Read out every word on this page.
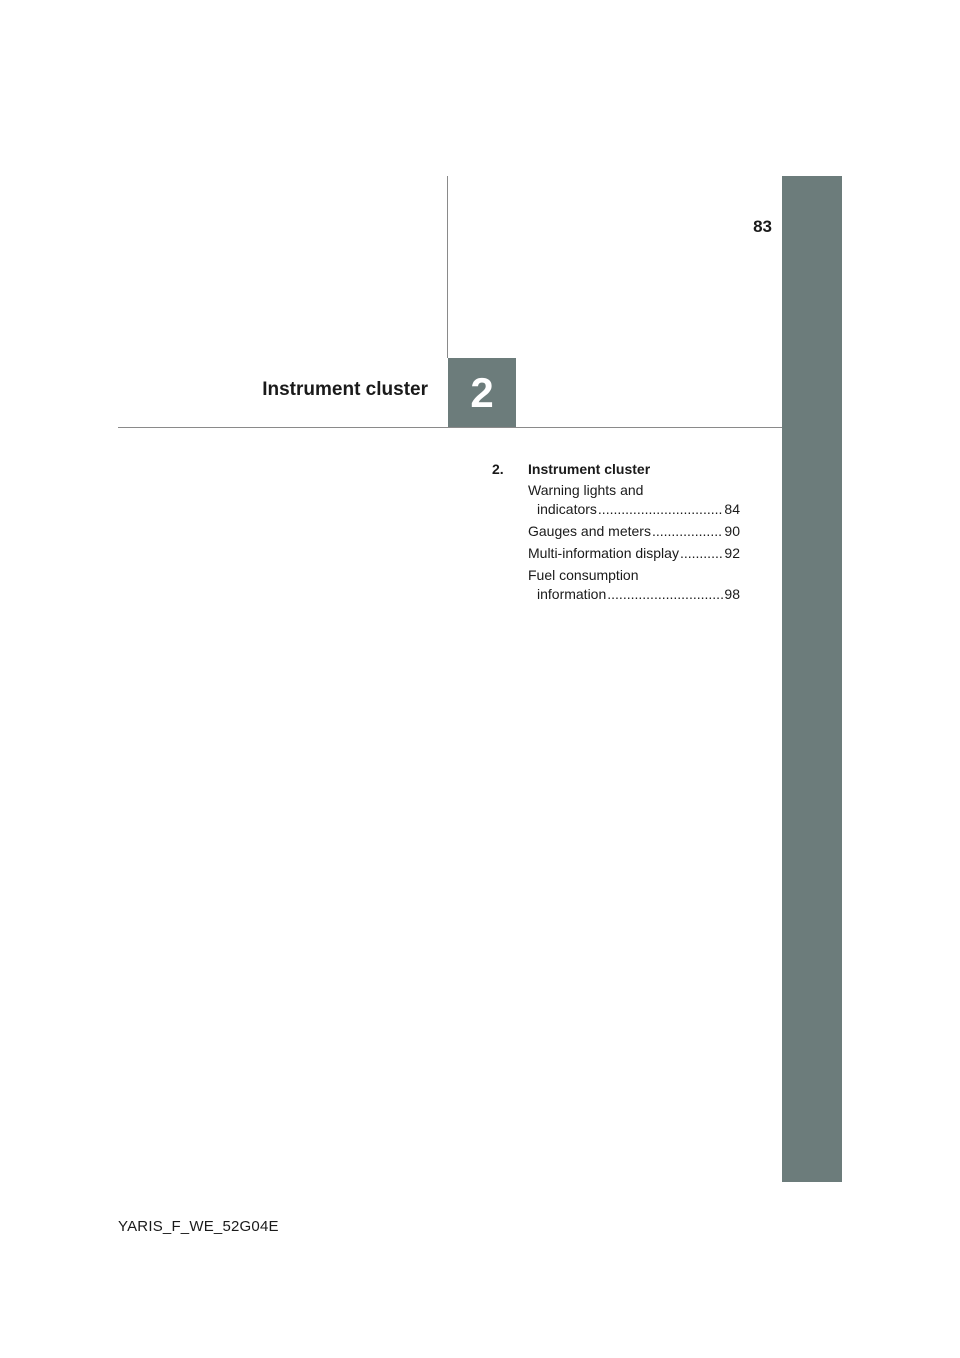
83
Instrument cluster 2
2.	Instrument cluster
Warning lights and
indicators .....	84
Gauges and meters .....	90
Multi-information display .....	92
Fuel consumption
information .....	98
YARIS_F_WE_52G04E
